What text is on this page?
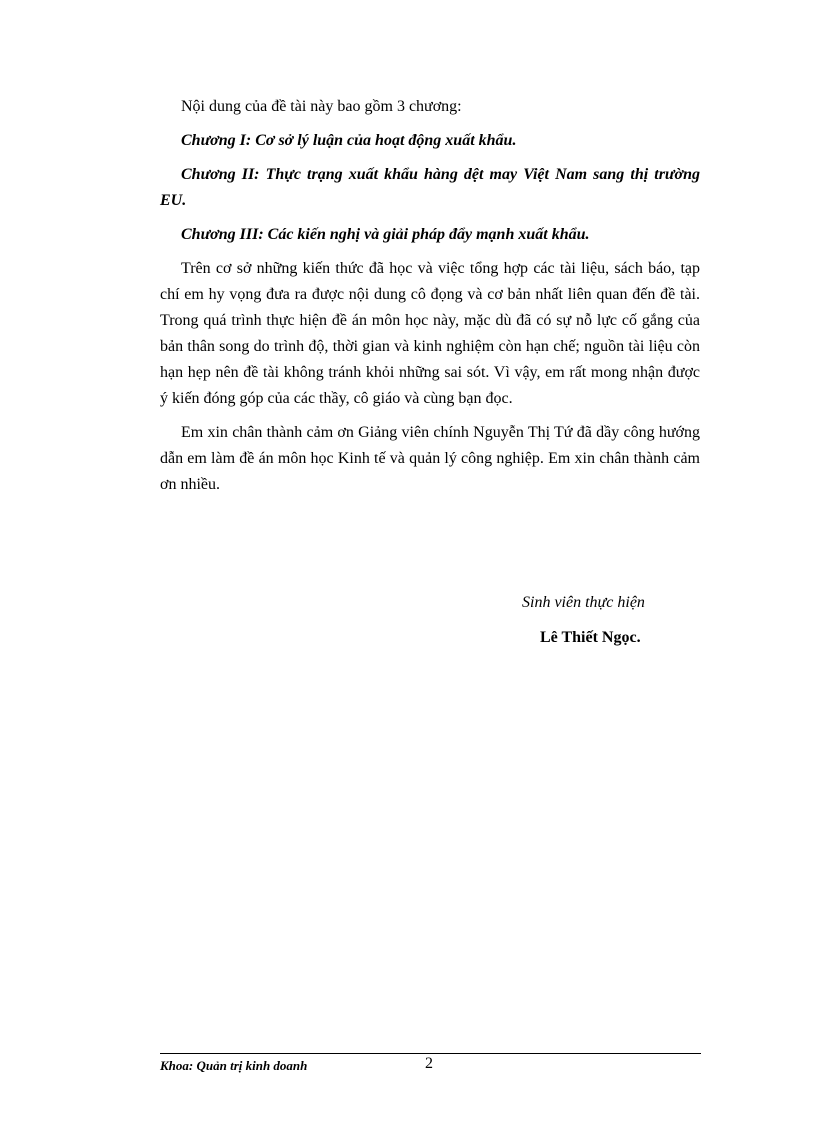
Nội dung của đề tài này bao gồm 3 chương:

Chương I: Cơ sở lý luận của hoạt động xuất khẩu.

Chương II: Thực trạng xuất khẩu hàng dệt may Việt Nam sang thị trường EU.

Chương III: Các kiến nghị và giải pháp đẩy mạnh xuất khẩu.

Trên cơ sở những kiến thức đã học và việc tổng hợp các tài liệu, sách báo, tạp chí em hy vọng đưa ra được nội dung cô đọng và cơ bản nhất liên quan đến đề tài. Trong quá trình thực hiện đề án môn học này, mặc dù đã có sự nỗ lực cố gắng của bản thân song do trình độ, thời gian và kinh nghiệm còn hạn chế; nguồn tài liệu còn hạn hẹp nên đề tài không tránh khỏi những sai sót. Vì vậy, em rất mong nhận được ý kiến đóng góp của các thầy, cô giáo và cùng bạn đọc.

Em xin chân thành cảm ơn Giảng viên chính Nguyễn Thị Tứ đã dầy công hướng dẫn em làm đề án môn học Kinh tế và quản lý công nghiệp. Em xin chân thành cảm ơn nhiều.

Sinh viên thực hiện
Lê Thiết Ngọc.
Khoa: Quản trị kinh doanh	2
